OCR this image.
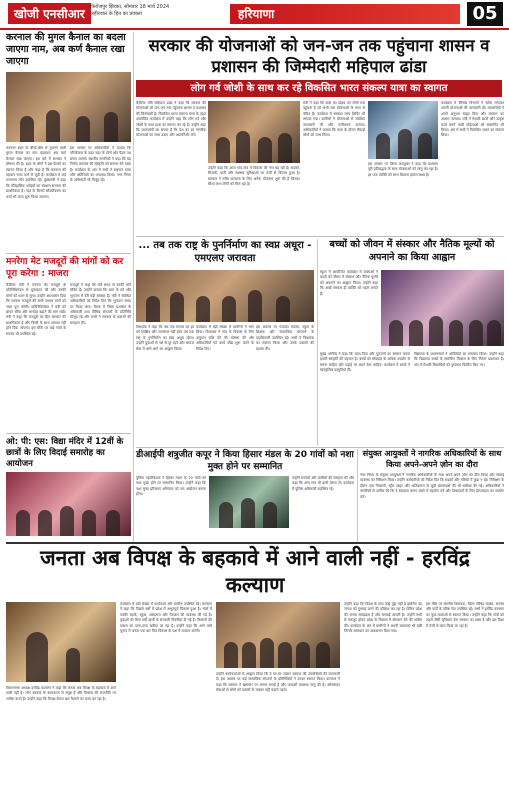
खोजी एनसीआर	फिरोजपुर झिरका, सोमवार 18 मार्च 2024
अहीरवाल के हित का प्रवक्ता	हरियाणा	05
करनाल की मुगल कैनाल का बदला जाएगा नाम, अब कर्ण कैनाल रखा जाएगा
करनाल शहर के बीचों-बीच से गुजरने वाली मुगल कैनाल का नाम बदलकर अब कर्ण कैनाल रखा जाएगा। इस बारे में सरकार ने घोषणा की है। शहर के लोगों ने इस फैसले का स्वागत किया है और कहा है कि करनाल की पहचान राजा कर्ण से जुड़ी है। कार्यक्रम में कई गणमान्य लोग उपस्थित रहे। मुख्यमंत्री ने कहा कि ऐतिहासिक धरोहरों का संरक्षण सरकार की प्राथमिकता है। नहर के किनारे सौंदर्यीकरण का कार्य भी जल्द शुरू किया जाएगा।
इस अवसर पर अधिकारियों ने बताया कि परियोजना के तहत नहर के दोनों ओर पैदल पथ बनाए जाएंगे। स्थानीय नागरिकों ने कहा कि यह निर्णय करनाल की संस्कृति को सम्मान देने वाला है। कार्यक्रम के अंत में सभी ने राष्ट्रगान गाया और अतिथियों का धन्यवाद किया। नगर निगम के अधिकारी भी मौजूद रहे।
मनरेगा मेट मजदूरों की मांगों को कर पूरा करेगा : माजरा
कैबिनेट मंत्री ने मनरेगा मेट मजदूरों के प्रतिनिधिमंडल से मुलाकात की और उनकी मांगों को ध्यान से सुना। उन्होंने आश्वासन दिया कि सरकार मजदूरों की सभी जायज मांगों को जल्द पूरा करेगी। प्रतिनिधिमंडल ने मंत्री को ज्ञापन सौंपा और मानदेय बढ़ाने की मांग रखी। मंत्री ने कहा कि मजदूरों का हित सरकार की प्राथमिकता है और किसी के साथ अन्याय नहीं होने दिया जाएगा। इस मौके पर कई गांवों के सरपंच भी उपस्थित रहे।
मजदूरों ने कहा कि लंबे समय से उनकी मांगें लंबित हैं। उन्होंने बताया कि काम के घंटे और भुगतान में देरी बड़ी समस्या है। मंत्री ने संबंधित अधिकारियों को निर्देश दिए कि भुगतान समय पर किया जाए। बैठक में जिला प्रशासन के अधिकारी तथा विभिन्न संगठनों के प्रतिनिधि मौजूद रहे और सभी ने सरकार के प्रयासों की सराहना की।
ओ: पी: एस: विद्या मंदिर में 12वीं के छात्रों के लिए विदाई समारोह का आयोजन
सरकार की योजनाओं को जन-जन तक पहुंचाना शासन व प्रशासन की जिम्मेदारी महिपाल ढांडा
लोग गर्व जोशी के साथ कर रहे विकसित भारत संकल्प यात्रा का स्वागत
कैबिनेट मंत्री महिपाल ढांडा ने कहा कि सरकार की योजनाओं को जन-जन तक पहुंचाना शासन व प्रशासन की जिम्मेदारी है। विकसित भारत संकल्प यात्रा के तहत आयोजित कार्यक्रम में उन्होंने कहा कि लोग गर्व और जोशी के साथ यात्रा का स्वागत कर रहे हैं। उन्होंने कहा कि प्रधानमंत्री का सपना है कि देश का हर नागरिक योजनाओं का लाभ उठाए और आत्मनिर्भर बने।
उन्होंने कहा कि आज गांव-गांव में विकास की गंगा बह रही है। सड़कों, बिजली, पानी और स्वास्थ्य सुविधाओं का तेजी से विस्तार हुआ है। सरकार ने गरीब कल्याण के लिए अनेक योजनाएं शुरू की हैं जिनका सीधा लाभ लोगों को मिल रहा है।
मंत्री ने कहा कि यात्रा का उद्देश्य उन लोगों तक पहुंचना है जो अभी तक योजनाओं के लाभ से वंचित हैं। कार्यक्रम में स्वास्थ्य जांच शिविर भी लगाया गया। ग्रामीणों ने योजनाओं से संबंधित जानकारी ली और पंजीकरण कराया। अधिकारियों ने बताया कि यात्रा के दौरान सैकड़ों लोगों को लाभ मिला।
इस अवसर पर जिला उपायुक्त ने कहा कि प्रशासन पूरी प्रतिबद्धता के साथ योजनाओं को लागू कर रहा है। हर पात्र व्यक्ति को लाभ दिलाना हमारा लक्ष्य है।
कार्यक्रम में विभिन्न विभागों ने स्टॉल लगाकर अपनी योजनाओं की जानकारी दी। लाभार्थियों ने अपने अनुभव साझा किए और सरकार का आभार जताया। मंत्री ने मेधावी छात्रों और उत्कृष्ट कार्य करने वाली महिलाओं को सम्मानित भी किया। अंत में सभी ने विकसित भारत का संकल्प लिया।
... तब तक राष्ट्र के पुनर्निर्माण का स्वप्न अधूरा - एमएलए जरावता
विधायक ने कहा कि जब तक समाज का हर वर्ग शिक्षित और जागरूक नहीं होगा तब तक राष्ट्र के पुनर्निर्माण का स्वप्न अधूरा रहेगा। उन्होंने युवाओं से नशे से दूर रहने और समाज सेवा में आगे आने का आह्वान किया।
कार्यक्रम में बड़ी संख्या में ग्रामीणों ने भाग लिया। विधायक ने गांव के विकास के लिए अनुदान राशि देने की घोषणा की और अधिकारियों को कार्य शीघ्र शुरू करने के निर्देश दिए।
इस अवसर पर पंचायत सदस्य, स्कूल के शिक्षक और सामाजिक संगठनों के पदाधिकारी उपस्थित रहे। सभी ने विधायक का स्वागत किया और उनके प्रयासों की प्रशंसा की।
बच्चों को जीवन में संस्कार और नैतिक मूल्यों को अपनाने का किया आह्वान
स्कूल में आयोजित कार्यक्रम में वक्ताओं ने बच्चों को जीवन में संस्कार और नैतिक मूल्यों को अपनाने का आह्वान किया। उन्होंने कहा कि अच्छे संस्कार ही व्यक्ति को महान बनाते हैं।
मुख्य अतिथि ने कहा कि माता-पिता और गुरुजनों का सम्मान करना हमारी संस्कृति की पहचान है। बच्चों को मोबाइल के अधिक उपयोग से बचना चाहिए और पढ़ाई पर ध्यान देना चाहिए। कार्यक्रम में छात्रों ने सांस्कृतिक प्रस्तुतियां दीं।
विद्यालय के प्रधानाचार्य ने अतिथियों का धन्यवाद किया। उन्होंने कहा कि विद्यालय बच्चों के सर्वांगीण विकास के लिए निरंतर प्रयासरत है। अंत में मेधावी विद्यार्थियों को पुरस्कार वितरित किए गए।
डीआईपी शत्रुजीत कपूर ने किया हिसार मंडल के 20 गांवों को नशा मुक्त होने पर सम्मानित
पुलिस महानिदेशक ने हिसार मंडल के 20 गांवों को नशा मुक्त होने पर सम्मानित किया। उन्होंने कहा कि नशा मुक्त हरियाणा अभियान को जन आंदोलन बनाना होगा।
उन्होंने सरपंचों और ग्रामीणों की सराहना की और कहा कि अन्य गांव भी इनसे प्रेरणा लें। कार्यक्रम में पुलिस अधिकारी उपस्थित रहे।
संयुक्त आयुक्तों ने नागरिक अधिकारियों के साथ किया अपने-अपने ज़ोन का दौरा
नगर निगम के संयुक्त आयुक्तों ने नागरिक अधिकारियों के साथ अपने-अपने ज़ोन का दौरा किया और सफाई व्यवस्था का निरीक्षण किया। उन्होंने कर्मचारियों को निर्देश दिए कि सड़कों और गलियों में कूड़ा न रहे। निरीक्षण के दौरान जल निकासी, स्ट्रीट लाइट और अतिक्रमण से जुड़ी समस्याओं की भी समीक्षा की गई। अधिकारियों ने नागरिकों से अपील की कि वे स्वच्छता बनाए रखने में सहयोग करें और शिकायतों के लिए हेल्पलाइन का उपयोग करें।
जनता अब विपक्ष के बहकावे में आने वाली नहीं - हरविंद्र कल्याण
विधानसभा अध्यक्ष हरविंद्र कल्याण ने कहा कि जनता अब विपक्ष के बहकावे में आने वाली नहीं है। लोग सरकार के कामकाज से संतुष्ट हैं और विकास की राजनीति पर भरोसा करते हैं। उन्होंने कहा कि विपक्ष केवल भ्रम फैलाने का काम कर रहा है।
कार्यक्रम में बड़ी संख्या में कार्यकर्ता और ग्रामीण उपस्थित रहे। कल्याण ने कहा कि पिछले वर्षों में प्रदेश में अभूतपूर्व विकास हुआ है। गांवों में पक्की सड़कें, स्कूल, अस्पताल और पेयजल की व्यवस्था की गई है। युवाओं को बिना पर्ची-खर्ची के सरकारी नौकरियां दी गई हैं। किसानों की फसल का दाना-दाना खरीदा जा रहा है। उन्होंने कहा कि आने वाले चुनाव में जनता एक बार फिर विकास के पक्ष में मतदान करेगी।
उन्होंने कार्यकर्ताओं से आह्वान किया कि वे घर-घर जाकर सरकार की उपलब्धियों की जानकारी दें। इस अवसर पर कई सामाजिक संगठनों के प्रतिनिधियों ने उनका स्वागत किया। कल्याण ने कहा कि सरकार ने भ्रष्टाचार पर लगाम लगाई है और पारदर्शी व्यवस्था लागू की है। ऑनलाइन सेवाओं से लोगों को दफ्तरों के चक्कर नहीं काटने पड़ते।
उन्होंने कहा कि विपक्ष के पास कोई मुद्दा नहीं है इसलिए वह जनता को गुमराह करने की कोशिश कर रहा है। लेकिन प्रदेश की जनता समझदार है और सच्चाई जानती है। उन्होंने सभी से एकजुट होकर प्रदेश के विकास में योगदान देने की अपील की। कार्यक्रम के अंत में ग्रामीणों ने अपनी समस्याएं भी रखीं जिनके समाधान का आश्वासन दिया गया।
इस मौके पर स्थानीय विधायक, जिला परिषद सदस्य, सरपंच और पार्टी के वरिष्ठ नेता उपस्थित रहे। सभी ने हरविंद्र कल्याण का फूल-मालाओं से स्वागत किया। उन्होंने कहा कि गांवों को शहरों जैसी सुविधाएं देना सरकार का लक्ष्य है और इस दिशा में तेजी से काम किया जा रहा है।
